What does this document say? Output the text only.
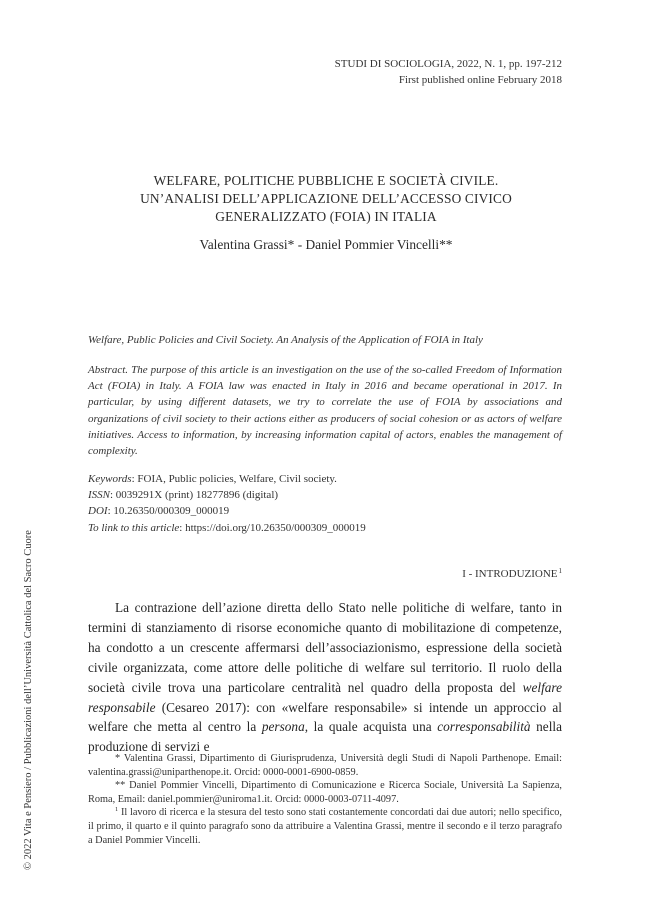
STUDI DI SOCIOLOGIA, 2022, N. 1, pp. 197-212
First published online February 2018
WELFARE, POLITICHE PUBBLICHE E SOCIETÀ CIVILE.
UN’ANALISI DELL’APPLICAZIONE DELL’ACCESSO CIVICO
GENERALIZZATO (FOIA) IN ITALIA
Valentina Grassi* - Daniel Pommier Vincelli**
Welfare, Public Policies and Civil Society. An Analysis of the Application of FOIA in Italy
Abstract. The purpose of this article is an investigation on the use of the so-called Freedom of Information Act (FOIA) in Italy. A FOIA law was enacted in Italy in 2016 and became operational in 2017. In particular, by using different datasets, we try to correlate the use of FOIA by associations and organizations of civil society to their actions either as producers of social cohesion or as actors of welfare initiatives. Access to information, by increasing information capital of actors, enables the management of complexity.
Keywords: FOIA, Public policies, Welfare, Civil society.
ISSN: 0039291X (print) 18277896 (digital)
DOI: 10.26350/000309_000019
To link to this article: https://doi.org/10.26350/000309_000019
I - INTRODUZIONE$^1$
La contrazione dell’azione diretta dello Stato nelle politiche di welfare, tanto in termini di stanziamento di risorse economiche quanto di mobilitazione di competenze, ha condotto a un crescente affermarsi dell’associazionismo, espressione della società civile organizzata, come attore delle politiche di welfare sul territorio. Il ruolo della società civile trova una particolare centralità nel quadro della proposta del welfare responsabile (Cesareo 2017): con «welfare responsabile» si intende un approccio al welfare che metta al centro la persona, la quale acquista una corresponsabilità nella produzione di servizi e

* Valentina Grassi, Dipartimento di Giurisprudenza, Università degli Studi di Napoli Parthenope. Email: valentina.grassi@uniparthenope.it. Orcid: 0000-0001-6900-0859.

** Daniel Pommier Vincelli, Dipartimento di Comunicazione e Ricerca Sociale, Università La Sapienza, Roma, Email: daniel.pommier@uniroma1.it. Orcid: 0000-0003-0711-4097.

$^1$ Il lavoro di ricerca e la stesura del testo sono stati costantemente concordati dai due autori; nello specifico, il primo, il quarto e il quinto paragrafo sono da attribuire a Valentina Grassi, mentre il secondo e il terzo paragrafo a Daniel Pommier Vincelli.

© 2022 Vita e Pensiero / Pubblicazioni dell’Università Cattolica del Sacro Cuore
